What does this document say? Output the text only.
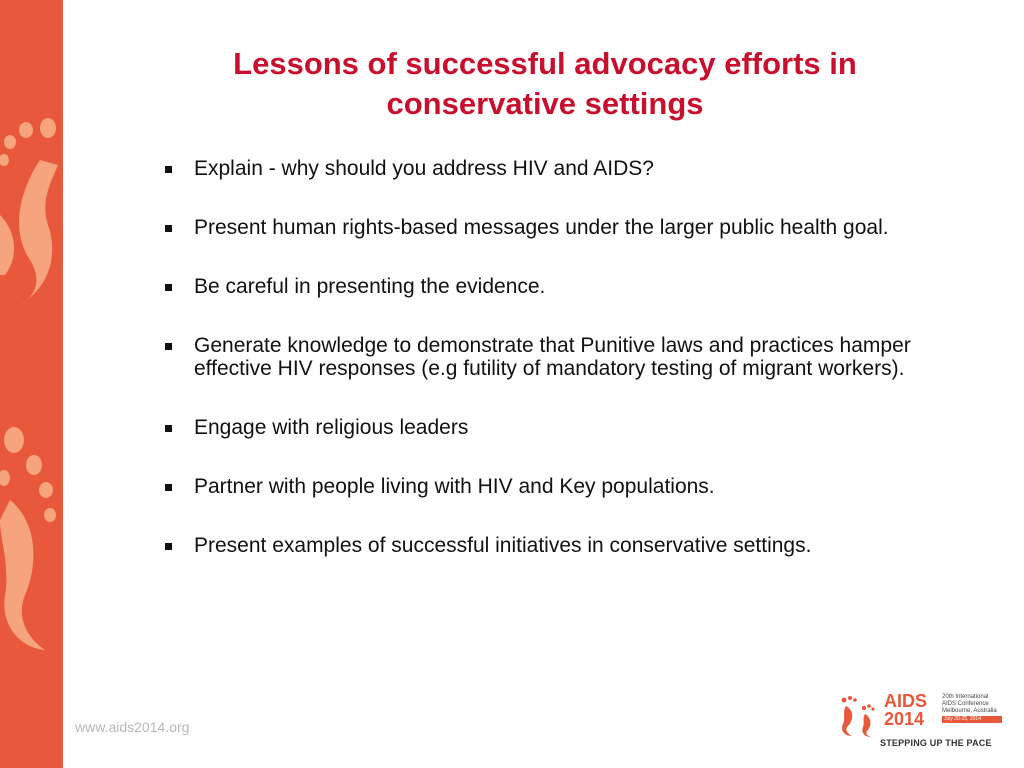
Lessons of successful advocacy efforts in conservative settings
Explain - why should you address HIV and AIDS?
Present human rights-based messages under the larger public health goal.
Be careful in presenting the evidence.
Generate knowledge to demonstrate that Punitive laws and practices hamper effective HIV responses (e.g futility of mandatory testing of migrant workers).
Engage with religious leaders
Partner with people living with HIV and Key populations.
Present examples of successful initiatives in conservative settings.
www.aids2014.org
AIDS
2014
20th International
AIDS Conference
Melbourne, Australia
July 20-25, 2014
STEPPING UP THE PACE
